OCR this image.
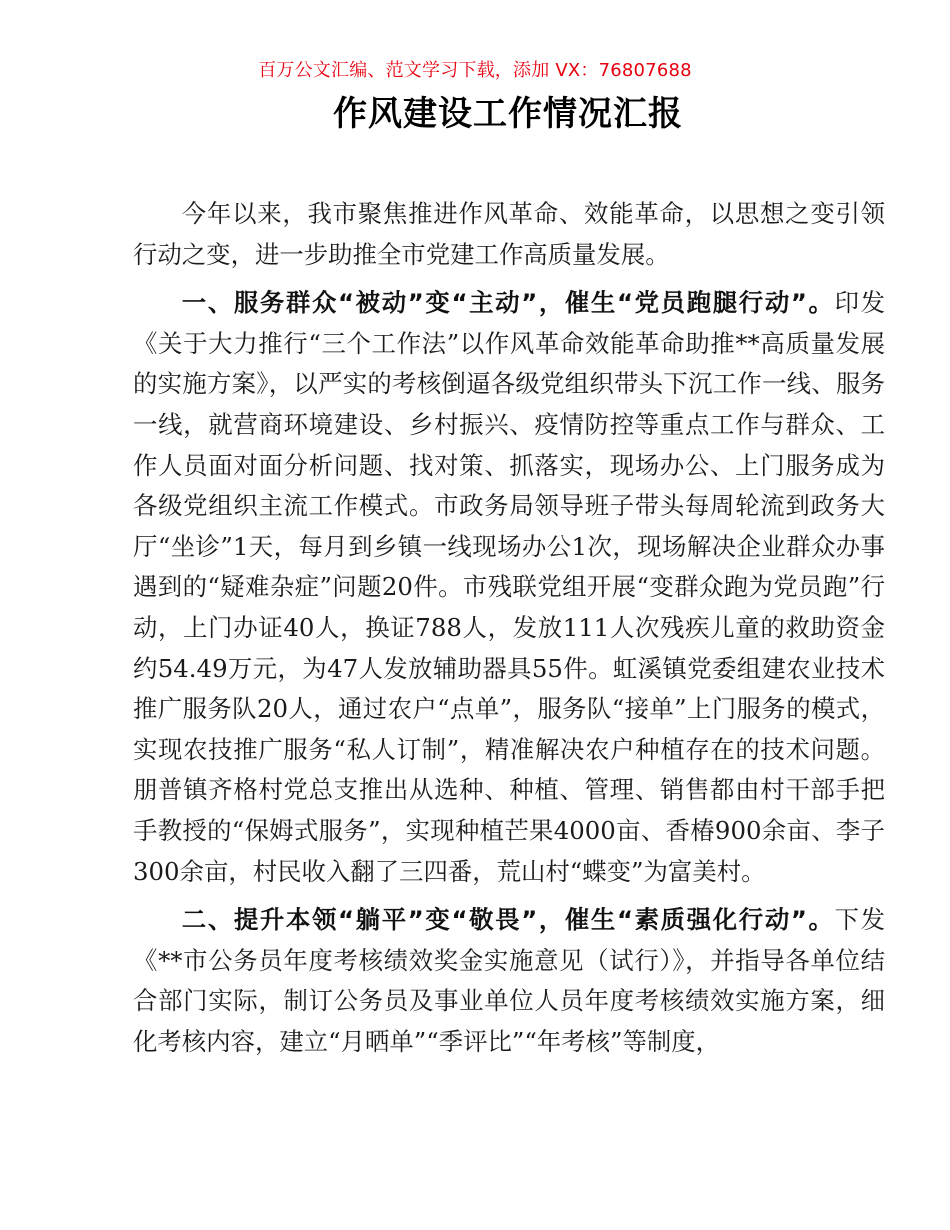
百万公文汇编、范文学习下载，添加 VX：76807688
作风建设工作情况汇报

今年以来，我市聚焦推进作风革命、效能革命，以思想之变引领行动之变，进一步助推全市党建工作高质量发展。

一、服务群众“被动”变“主动”，催生“党员跑腿行动”。印发《关于大力推行“三个工作法”以作风革命效能革命助推**高质量发展的实施方案》，以严实的考核倒逼各级党组织带头下沉工作一线、服务一线，就营商环境建设、乡村振兴、疫情防控等重点工作与群众、工作人员面对面分析问题、找对策、抓落实，现场办公、上门服务成为各级党组织主流工作模式。市政务局领导班子带头每周轮流到政务大厅“坐诊”1天，每月到乡镇一线现场办公1次，现场解决企业群众办事遇到的“疑难杂症”问题20件。市残联党组开展“变群众跑为党员跑”行动，上门办证40人，换证788人，发放111人次残疾儿童的救助资金约54.49万元，为47人发放辅助器具55件。虹溪镇党委组建农业技术推广服务队20人，通过农户“点单”，服务队“接单”上门服务的模式，实现农技推广服务“私人订制”，精准解决农户种植存在的技术问题。朋普镇齐格村党总支推出从选种、种植、管理、销售都由村干部手把手教授的“保姆式服务”，实现种植芒果4000亩、香椿900余亩、李子300余亩，村民收入翻了三四番，荒山村“蝶变”为富美村。

二、提升本领“躺平”变“敬畏”，催生“素质强化行动”。下发《**市公务员年度考核绩效奖金实施意见（试行）》，并指导各单位结合部门实际，制订公务员及事业单位人员年度考核绩效实施方案，细化考核内容，建立“月晒单”“季评比”“年考核”等制度，
